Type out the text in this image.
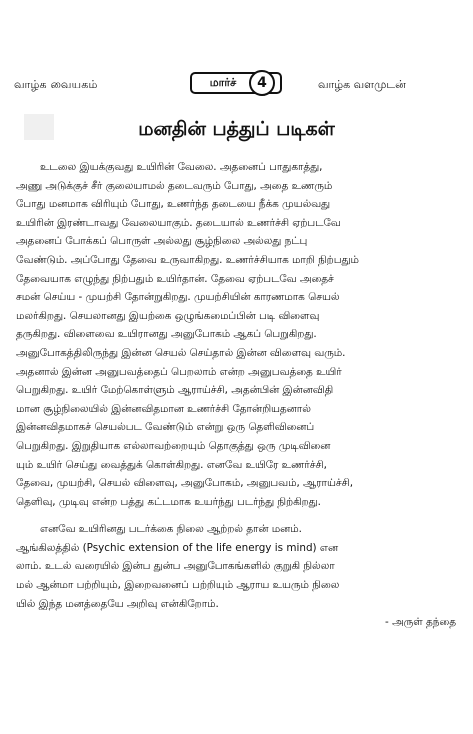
வாழ்க வையகம்	மார்ச்	4	வாழ்க வளமுடன்
மனதின் பத்துப் படிகள்
உடலை இயக்குவது உயிரின் வேலை. அதனைப் பாதுகாத்து,
அணு அடுக்குச் சீர் குலையாமல் தடைவரும் போது, அதை உணரும்
போது மனமாக விரியும் போது, உணர்ந்த தடையை நீக்க முயல்வது
உயிரின் இரண்டாவது வேலையாகும். தடையால் உணர்ச்சி ஏற்படவே
அதனைப் போக்கப் பொருள் அல்லது சூழ்நிலை அல்லது நட்பு
வேண்டும். அப்போது தேவை உருவாகிறது. உணர்ச்சியாக மாறி நிற்பதும்
தேவையாக எழுந்து நிற்பதும் உயிர்தான். தேவை ஏற்படவே அதைச்
சமன் செய்ய - முயற்சி தோன்றுகிறது. முயற்சியின் காரணமாக செயல்
மலர்கிறது. செயலானது இயற்கை ஒழுங்கமைப்பின் படி விளைவு
தருகிறது. விளைவை உயிரானது அனுபோகம் ஆகப் பெறுகிறது.
அனுபோகத்திலிருந்து இன்ன செயல் செய்தால் இன்ன விளைவு வரும்.
அதனால் இன்ன அனுபவத்தைப் பெறலாம் என்ற அனுபவத்தை உயிர்
பெறுகிறது. உயிர் மேற்கொள்ளும் ஆராய்ச்சி, அதன்பின் இன்னவிதி
மான சூழ்நிலையில் இன்னவிதமான உணர்ச்சி தோன்றியதனால்
இன்னவிதமாகச் செயல்பட வேண்டும் என்று ஒரு தெளிவினைப்
பெறுகிறது. இறுதியாக எல்லாவற்றையும் தொகுத்து ஒரு முடிவினை
யும் உயிர் செய்து வைத்துக் கொள்கிறது. எனவே உயிரே உணர்ச்சி,
தேவை, முயற்சி, செயல் விளைவு, அனுபோகம், அனுபவம், ஆராய்ச்சி,
தெளிவு, முடிவு என்ற பத்து கட்டமாக உயர்ந்து படர்ந்து நிற்கிறது.
எனவே உயிரினது படர்க்கை நிலை ஆற்றல் தான் மனம்.
ஆங்கிலத்தில் (Psychic extension of the life energy is mind) என
லாம். உடல் வரையில் இன்ப துன்ப அனுபோகங்களில் குறுகி நில்லா
மல் ஆன்மா பற்றியும், இறைவனைப் பற்றியும் ஆராய உயரும் நிலை
யில் இந்த மனத்தையே அறிவு என்கிறோம்.
- அருள் தந்தை
